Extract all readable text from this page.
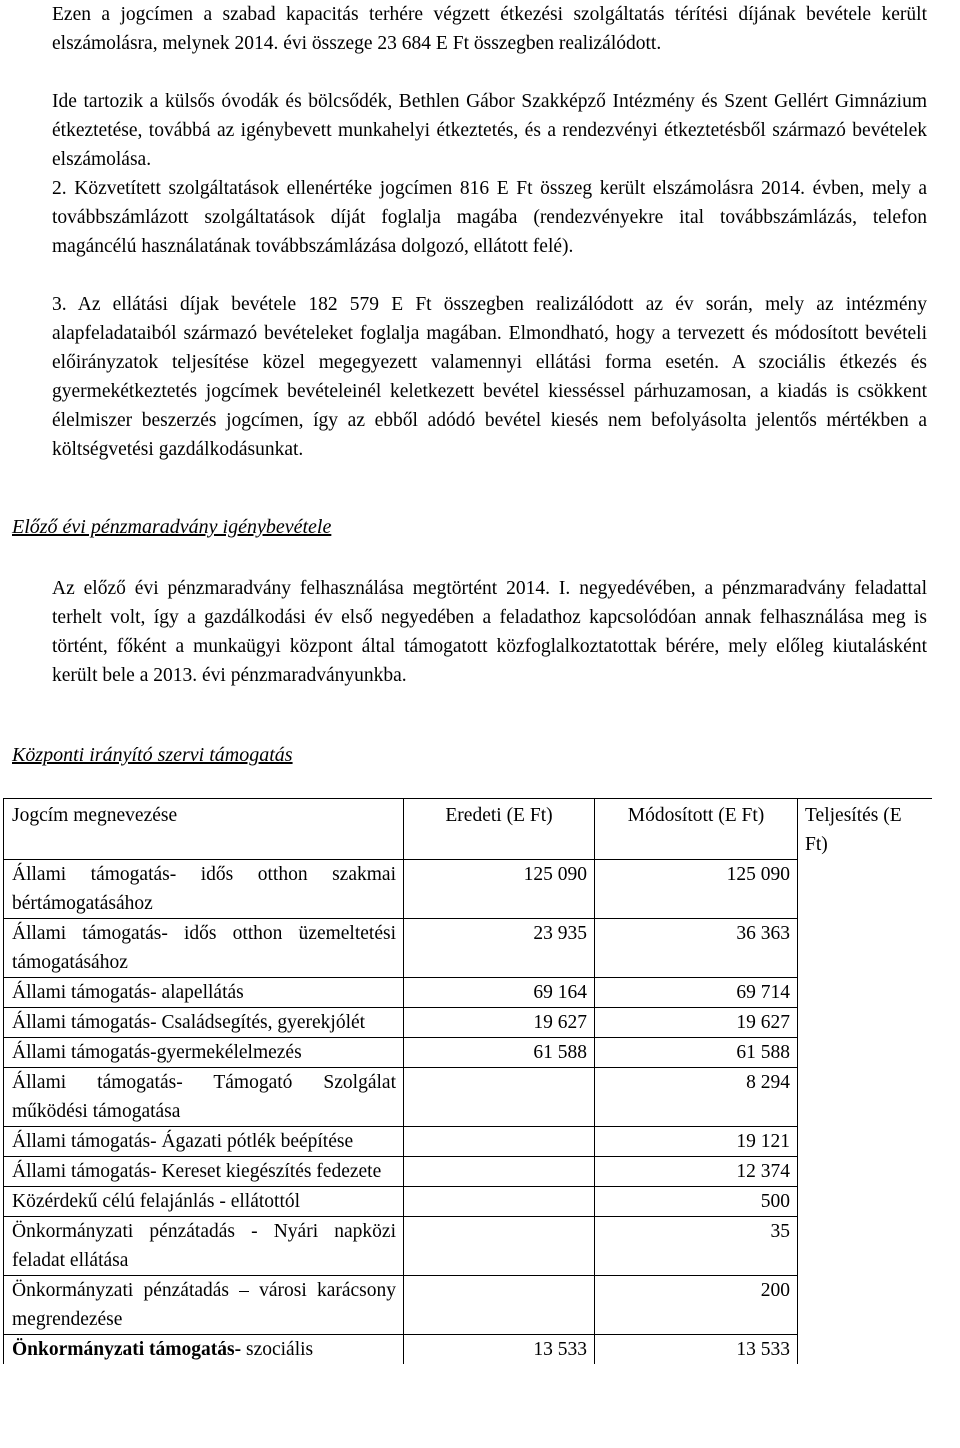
Ezen a jogcímen a szabad kapacitás terhére végzett étkezési szolgáltatás térítési díjának bevétele került elszámolásra, melynek 2014. évi összege 23 684 E Ft összegben realizálódott.
Ide tartozik a külsős óvodák és bölcsődék, Bethlen Gábor Szakképző Intézmény és Szent Gellért Gimnázium étkeztetése, továbbá az igénybevett munkahelyi étkeztetés, és a rendezvényi étkeztetésből származó bevételek elszámolása.
2. Közvetített szolgáltatások ellenértéke jogcímen 816 E Ft összeg került elszámolásra 2014. évben, mely a továbbszámlázott szolgáltatások díját foglalja magába (rendezvényekre ital továbbszámlázás, telefon magáncélú használatának továbbszámlázása dolgozó, ellátott felé).
3. Az ellátási díjak bevétele 182 579 E Ft összegben realizálódott az év során, mely az intézmény alapfeladataiból származó bevételeket foglalja magában. Elmondható, hogy a tervezett és módosított bevételi előirányzatok teljesítése közel megegyezett valamennyi ellátási forma esetén. A szociális étkezés és gyermekétkeztetés jogcímek bevételeinél keletkezett bevétel kiesséssel párhuzamosan, a kiadás is csökkent élelmiszer beszerzés jogcímen, így az ebből adódó bevétel kiesés nem befolyásolta jelentős mértékben a költségvetési gazdálkodásunkat.
Előző évi pénzmaradvány igénybevétele
Az előző évi pénzmaradvány felhasználása megtörtént 2014. I. negyedévében, a pénzmaradvány feladattal terhelt volt, így a gazdálkodási év első negyedében a feladathoz kapcsolódóan annak felhasználása meg is történt, főként a munkaügyi központ által támogatott közfoglalkoztatottak bérére, mely előleg kiutalásként került bele a 2013. évi pénzmaradványunkba.
Központi irányító szervi támogatás
Jogcím megnevezése	Eredeti (E Ft)	Módosított (E Ft)	Teljesítés (E Ft)
Állami támogatás- idős otthon szakmai bértámogatásához	125 090	125 090	
Állami támogatás- idős otthon üzemeltetési támogatásához	23 935	36 363	
Állami támogatás- alapellátás	69 164	69 714	
Állami támogatás- Családsegítés, gyerekjólét	19 627	19 627	
Állami támogatás-gyermekélelmezés	61 588	61 588	
Állami támogatás- Támogató Szolgálat működési támogatása		8 294	
Állami támogatás- Ágazati pótlék beépítése		19 121	
Állami támogatás- Kereset kiegészítés fedezete		12 374	
Közérdekű célú felajánlás - ellátottól		500	
Önkormányzati pénzátadás - Nyári napközi feladat ellátása		35	
Önkormányzati pénzátadás – városi karácsony megrendezése		200	
Önkormányzati támogatás- szociális	13 533	13 533	
